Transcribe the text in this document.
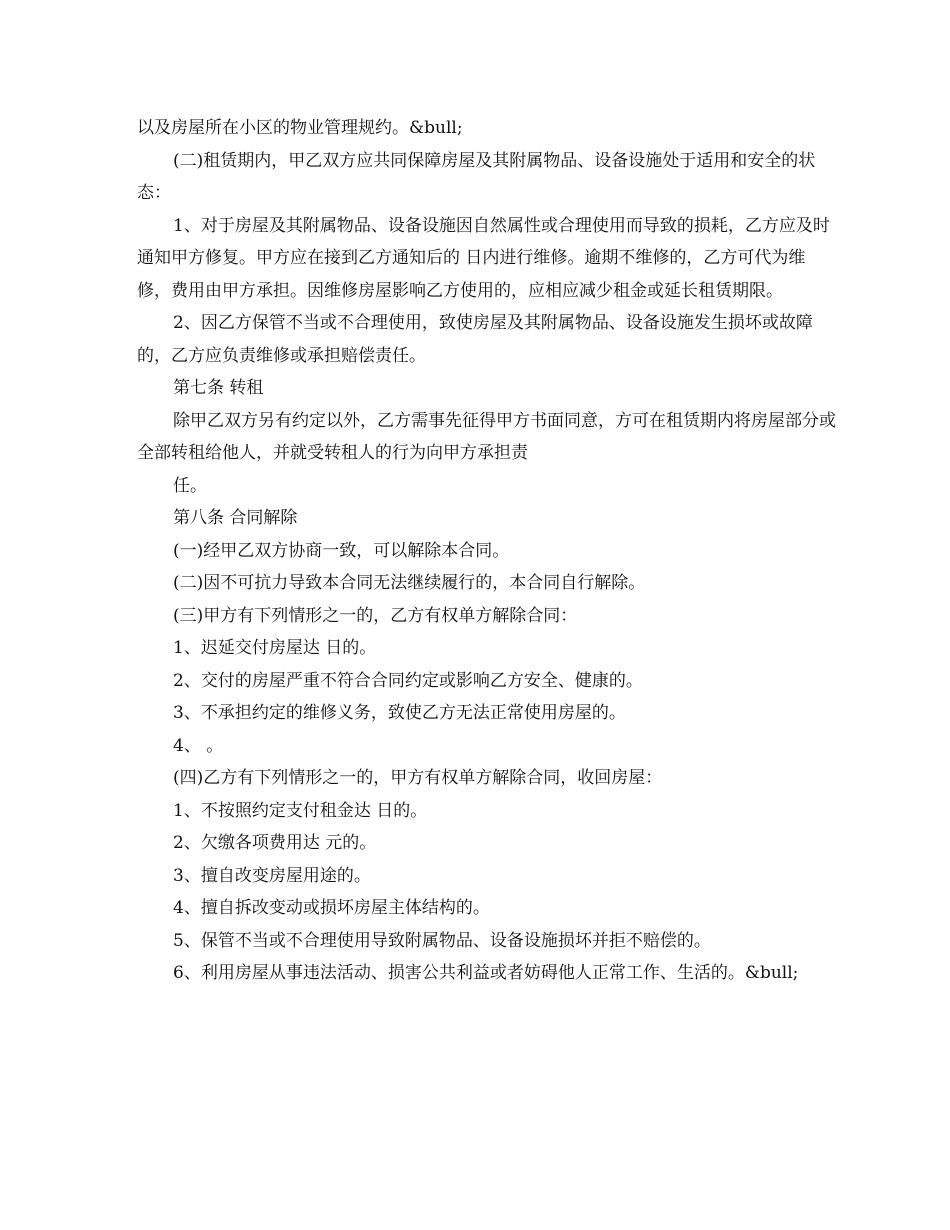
以及房屋所在小区的物业管理规约。&bull;

(二)租赁期内，甲乙双方应共同保障房屋及其附属物品、设备设施处于适用和安全的状态：

1、对于房屋及其附属物品、设备设施因自然属性或合理使用而导致的损耗，乙方应及时通知甲方修复。甲方应在接到乙方通知后的 日内进行维修。逾期不维修的，乙方可代为维修，费用由甲方承担。因维修房屋影响乙方使用的，应相应减少租金或延长租赁期限。

2、因乙方保管不当或不合理使用，致使房屋及其附属物品、设备设施发生损坏或故障的，乙方应负责维修或承担赔偿责任。

第七条 转租

除甲乙双方另有约定以外，乙方需事先征得甲方书面同意，方可在租赁期内将房屋部分或全部转租给他人，并就受转租人的行为向甲方承担责

任。

第八条 合同解除

(一)经甲乙双方协商一致，可以解除本合同。

(二)因不可抗力导致本合同无法继续履行的，本合同自行解除。

(三)甲方有下列情形之一的，乙方有权单方解除合同：

1、迟延交付房屋达 日的。

2、交付的房屋严重不符合合同约定或影响乙方安全、健康的。

3、不承担约定的维修义务，致使乙方无法正常使用房屋的。

4、 。

(四)乙方有下列情形之一的，甲方有权单方解除合同，收回房屋：

1、不按照约定支付租金达 日的。

2、欠缴各项费用达 元的。

3、擅自改变房屋用途的。

4、擅自拆改变动或损坏房屋主体结构的。

5、保管不当或不合理使用导致附属物品、设备设施损坏并拒不赔偿的。

6、利用房屋从事违法活动、损害公共利益或者妨碍他人正常工作、生活的。&bull;
